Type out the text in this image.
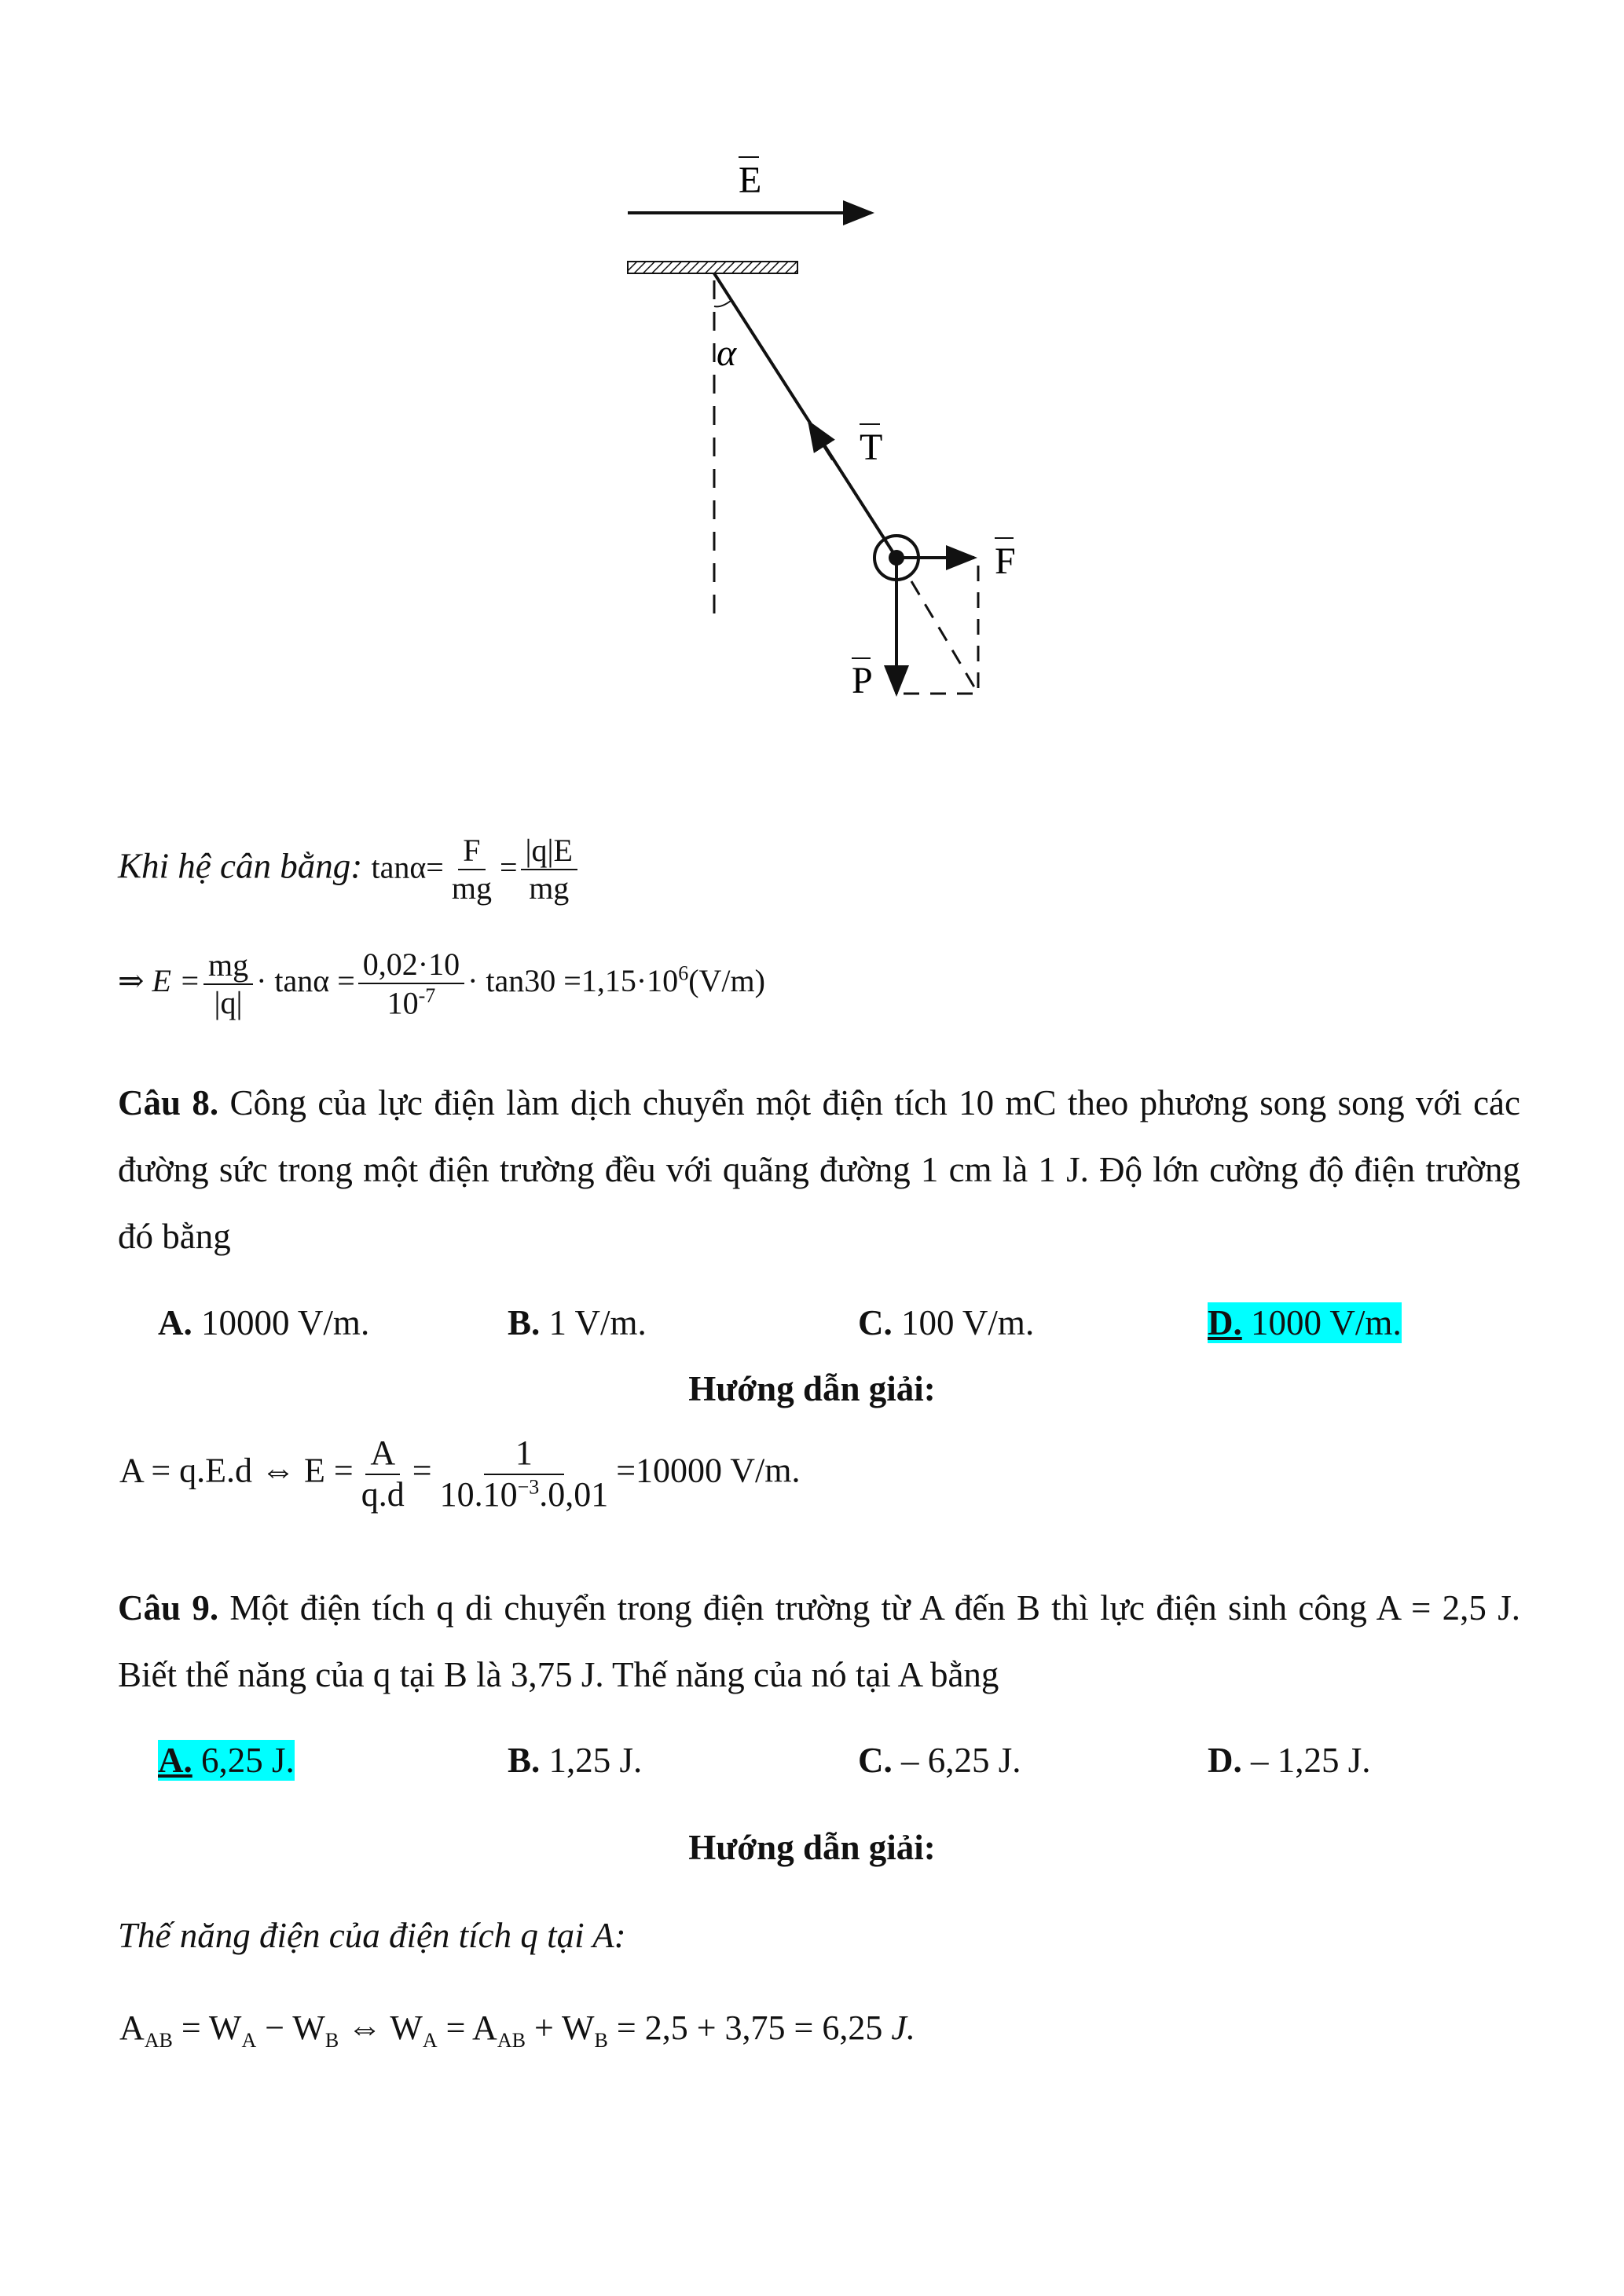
E
α
T
F
P
Khi hệ cân bằng: $\tan\alpha= \frac{F}{mg} = \frac{|q|E}{mg}$
⇒ $E = \frac{mg}{|q|} \cdot \tan\alpha = \frac{0,02\cdot 10}{10^{-7}} \cdot \tan 30 =1,15\cdot 10^6(V/m)$
Câu 8. Công của lực điện làm dịch chuyển một điện tích 10 mC theo phương song song với các đường sức trong một điện trường đều với quãng đường 1 cm là 1 J. Độ lớn cường độ điện trường đó bằng
A. 10000 V/m.	B. 1 V/m.	C. 100 V/m.	D. 1000 V/m.
Hướng dẫn giải:
A = q.E.d ⇔ $E = \frac{A}{q.d} = \frac{1}{10.10^{-3}.0,01} =10000$ V/m.
Câu 9. Một điện tích q di chuyển trong điện trường từ A đến B thì lực điện sinh công A = 2,5 J. Biết thế năng của q tại B là 3,75 J. Thế năng của nó tại A bằng
A. 6,25 J.	B. 1,25 J.	C. – 6,25 J.	D. – 1,25 J.
Hướng dẫn giải:
Thế năng điện của điện tích q tại A:
$A_{AB} = W_A - W_B$ ⇔ $W_A = A_{AB} + W_B = 2,5 + 3,75 = 6,25$ J.
